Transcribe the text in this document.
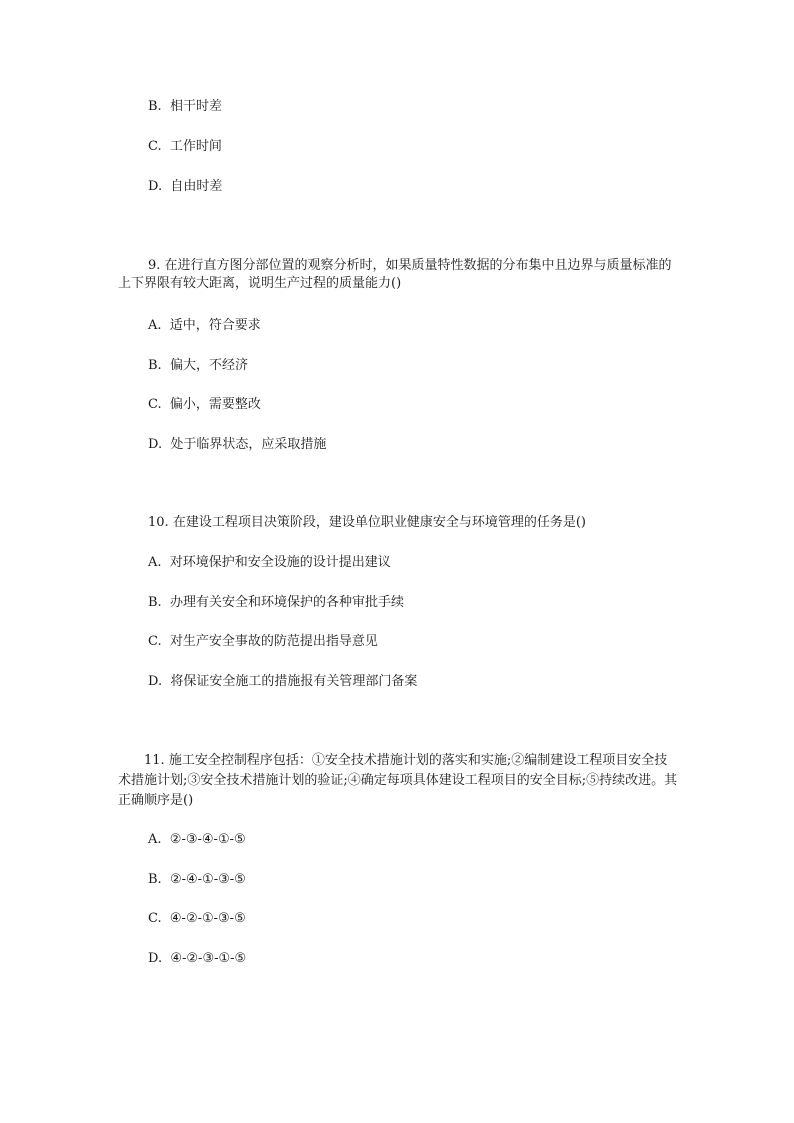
B. 相干时差
C. 工作时间
D. 自由时差
9. 在进行直方图分部位置的观察分析时，如果质量特性数据的分布集中且边界与质量标准的上下界限有较大距离，说明生产过程的质量能力()
A. 适中，符合要求
B. 偏大，不经济
C. 偏小，需要整改
D. 处于临界状态，应采取措施
10. 在建设工程项目决策阶段，建设单位职业健康安全与环境管理的任务是()
A. 对环境保护和安全设施的设计提出建议
B. 办理有关安全和环境保护的各种审批手续
C. 对生产安全事故的防范提出指导意见
D. 将保证安全施工的措施报有关管理部门备案
11. 施工安全控制程序包括：①安全技术措施计划的落实和实施;②编制建设工程项目安全技术措施计划;③安全技术措施计划的验证;④确定每项具体建设工程项目的安全目标;⑤持续改进。其正确顺序是()
A. ②-③-④-①-⑤
B. ②-④-①-③-⑤
C. ④-②-①-③-⑤
D. ④-②-③-①-⑤
